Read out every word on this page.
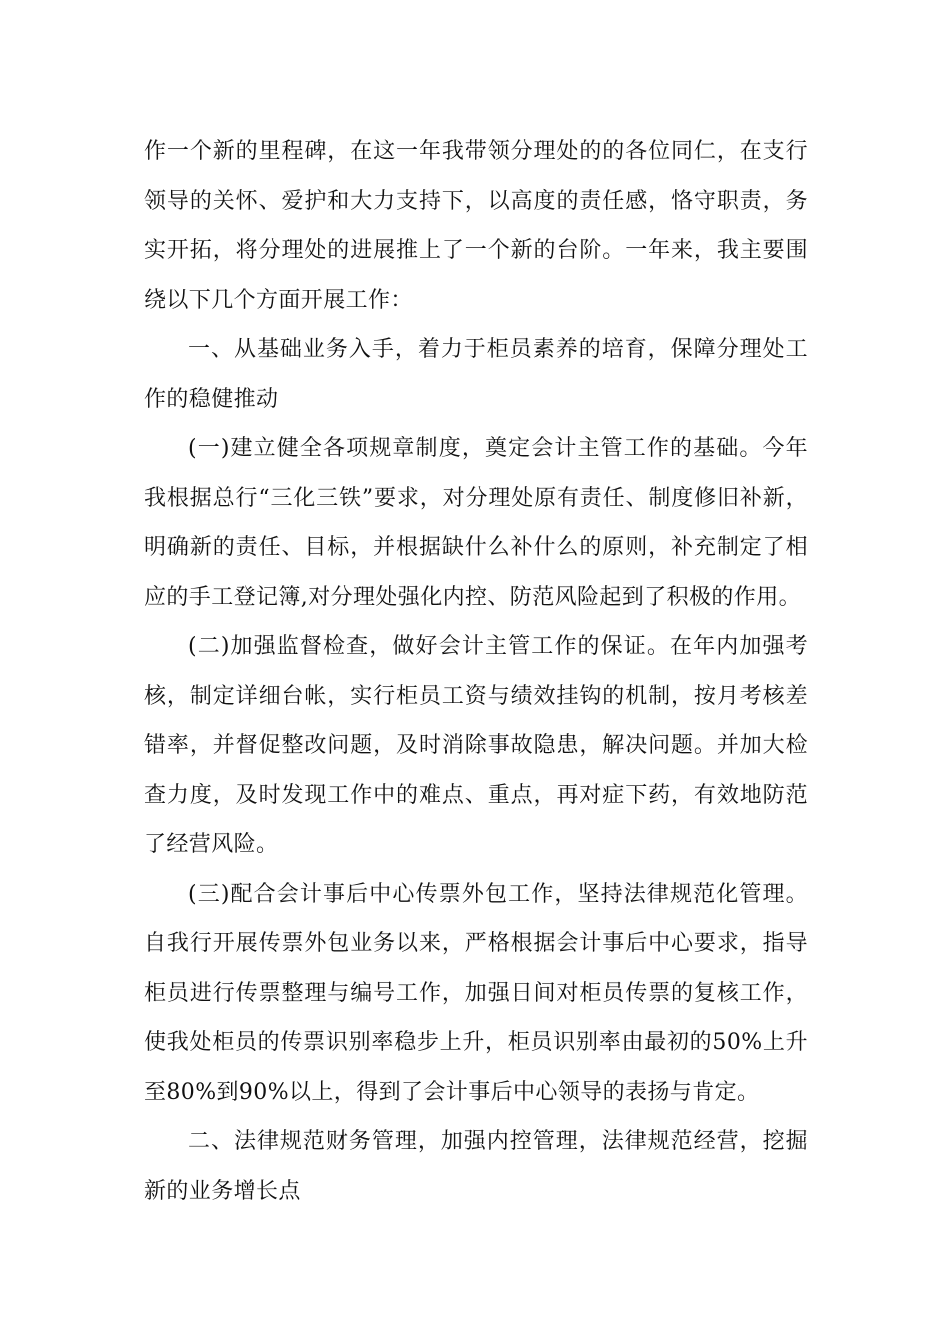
作一个新的里程碑，在这一年我带领分理处的的各位同仁，在支行领导的关怀、爱护和大力支持下，以高度的责任感，恪守职责，务实开拓，将分理处的进展推上了一个新的台阶。一年来，我主要围绕以下几个方面开展工作：

一、从基础业务入手，着力于柜员素养的培育，保障分理处工作的稳健推动

(一)建立健全各项规章制度，奠定会计主管工作的基础。今年我根据总行“三化三铁”要求，对分理处原有责任、制度修旧补新，明确新的责任、目标，并根据缺什么补什么的原则，补充制定了相应的手工登记簿,对分理处强化内控、防范风险起到了积极的作用。

(二)加强监督检查，做好会计主管工作的保证。在年内加强考核，制定详细台帐，实行柜员工资与绩效挂钩的机制，按月考核差错率，并督促整改问题，及时消除事故隐患，解决问题。并加大检查力度，及时发现工作中的难点、重点，再对症下药，有效地防范了经营风险。

(三)配合会计事后中心传票外包工作，坚持法律规范化管理。自我行开展传票外包业务以来，严格根据会计事后中心要求，指导柜员进行传票整理与编号工作，加强日间对柜员传票的复核工作，使我处柜员的传票识别率稳步上升，柜员识别率由最初的50%上升至80%到90%以上，得到了会计事后中心领导的表扬与肯定。

二、法律规范财务管理，加强内控管理，法律规范经营，挖掘新的业务增长点
